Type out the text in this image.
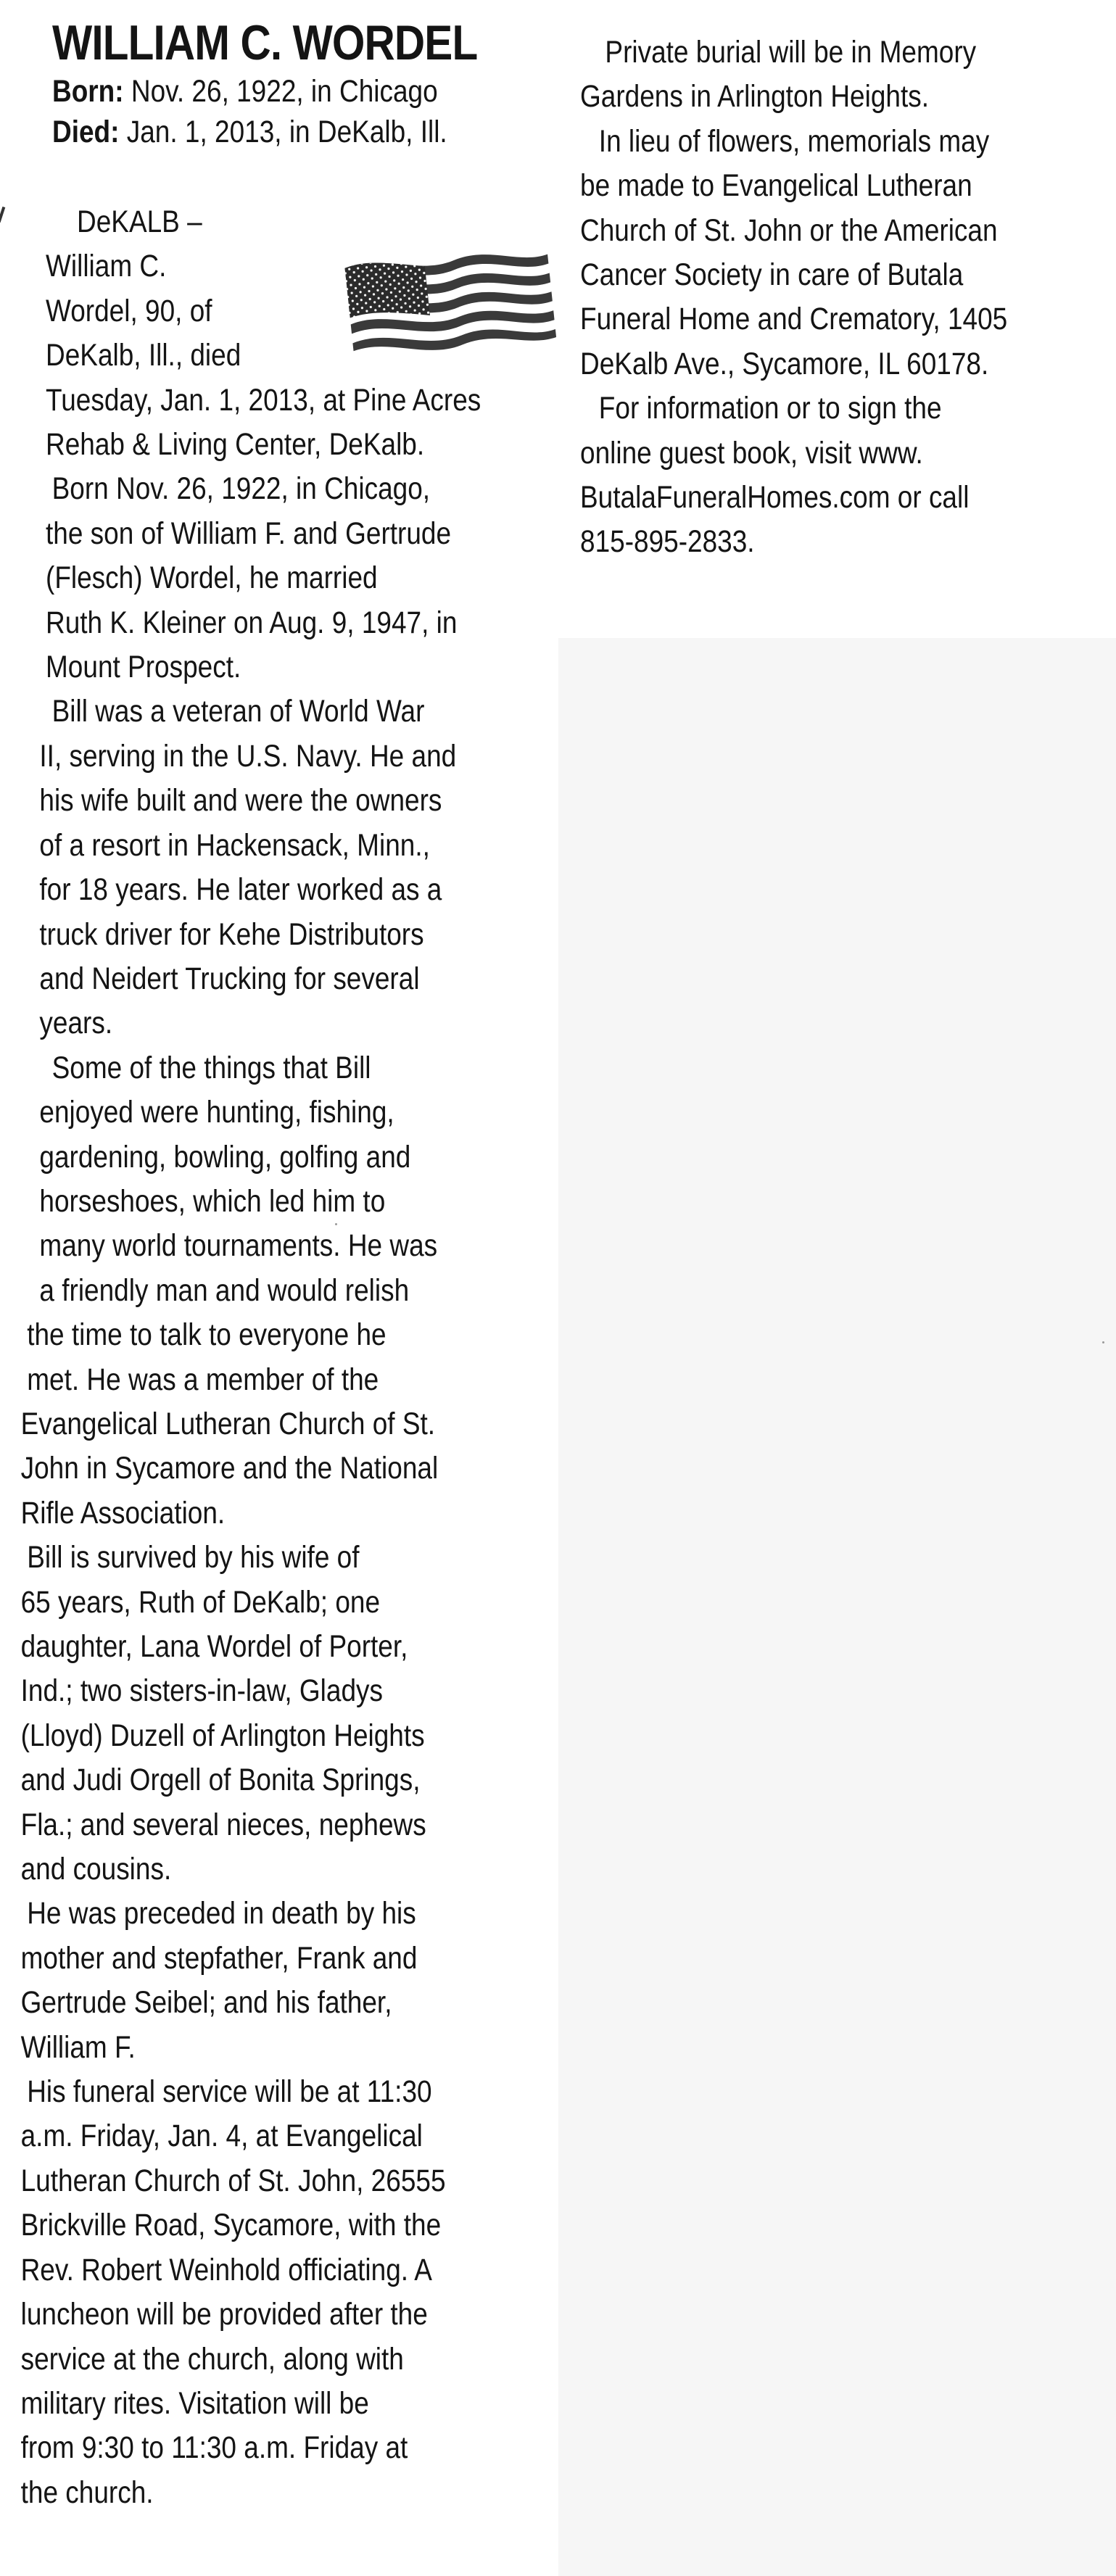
WILLIAM C. WORDEL
Born: Nov. 26, 1922, in Chicago
Died: Jan. 1, 2013, in DeKalb, Ill.
DeKALB –
William C.
Wordel, 90, of
DeKalb, Ill., died
Tuesday, Jan. 1, 2013, at Pine Acres
Rehab & Living Center, DeKalb.
Born Nov. 26, 1922, in Chicago,
the son of William F. and Gertrude
(Flesch) Wordel, he married
Ruth K. Kleiner on Aug. 9, 1947, in
Mount Prospect.
Bill was a veteran of World War
II, serving in the U.S. Navy. He and
his wife built and were the owners
of a resort in Hackensack, Minn.,
for 18 years. He later worked as a
truck driver for Kehe Distributors
and Neidert Trucking for several
years.
Some of the things that Bill
enjoyed were hunting, fishing,
gardening, bowling, golfing and
horseshoes, which led him to
many world tournaments. He was
a friendly man and would relish
the time to talk to everyone he
met. He was a member of the
Evangelical Lutheran Church of St.
John in Sycamore and the National
Rifle Association.
Bill is survived by his wife of
65 years, Ruth of DeKalb; one
daughter, Lana Wordel of Porter,
Ind.; two sisters-in-law, Gladys
(Lloyd) Duzell of Arlington Heights
and Judi Orgell of Bonita Springs,
Fla.; and several nieces, nephews
and cousins.
He was preceded in death by his
mother and stepfather, Frank and
Gertrude Seibel; and his father,
William F.
His funeral service will be at 11:30
a.m. Friday, Jan. 4, at Evangelical
Lutheran Church of St. John, 26555
Brickville Road, Sycamore, with the
Rev. Robert Weinhold officiating. A
luncheon will be provided after the
service at the church, along with
military rites. Visitation will be
from 9:30 to 11:30 a.m. Friday at
the church.
Private burial will be in Memory
Gardens in Arlington Heights.
In lieu of flowers, memorials may
be made to Evangelical Lutheran
Church of St. John or the American
Cancer Society in care of Butala
Funeral Home and Crematory, 1405
DeKalb Ave., Sycamore, IL 60178.
For information or to sign the
online guest book, visit www.
ButalaFuneralHomes.com or call
815-895-2833.
